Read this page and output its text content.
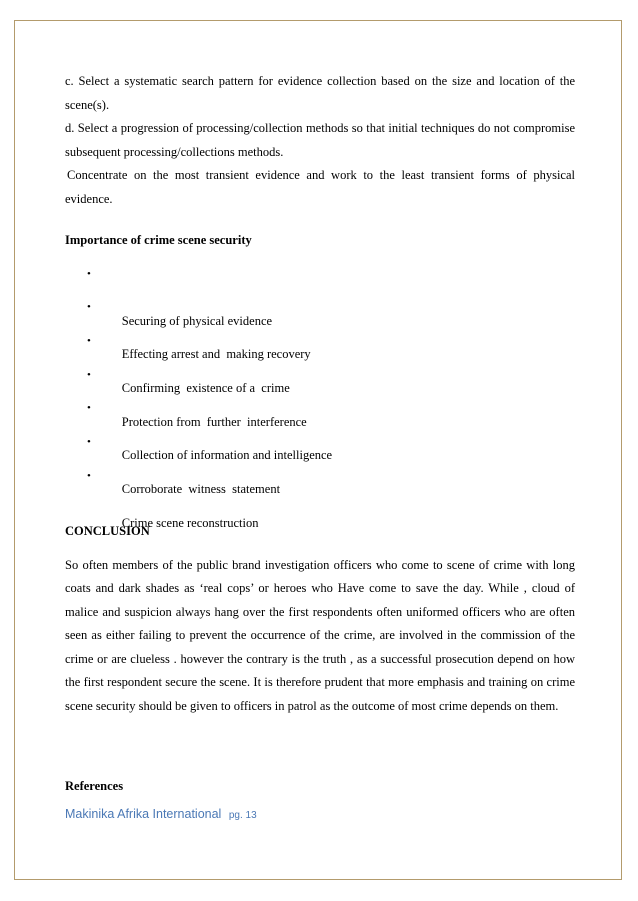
c. Select a systematic search pattern for evidence collection based on the size and location of the scene(s).

d. Select a progression of processing/collection methods so that initial techniques do not compromise subsequent processing/collections methods.

Concentrate on the most transient evidence and work to the least transient forms of physical evidence.

Importance of crime scene security

•

Securing of physical evidence

•

Effecting arrest and  making recovery

•

Confirming  existence of a  crime

•

Protection from  further  interference

•

Collection of information and intelligence

•

Corroborate  witness  statement

•

Crime scene reconstruction

CONCLUSION

So often members of the public brand investigation officers who come to scene of crime with long coats and dark shades as ‘real cops’ or heroes who Have come to save the day. While , cloud of malice and suspicion always hang over the first respondents often uniformed officers who are often seen as either failing to prevent the occurrence of the crime, are involved in the commission of the crime or are clueless . however the contrary is the truth , as a successful prosecution depend on how the first respondent secure the scene. It is therefore prudent that more emphasis and training on crime scene security should be given to officers in patrol as the outcome of most crime depends on them.

References

Makinika Afrika International pg. 13
